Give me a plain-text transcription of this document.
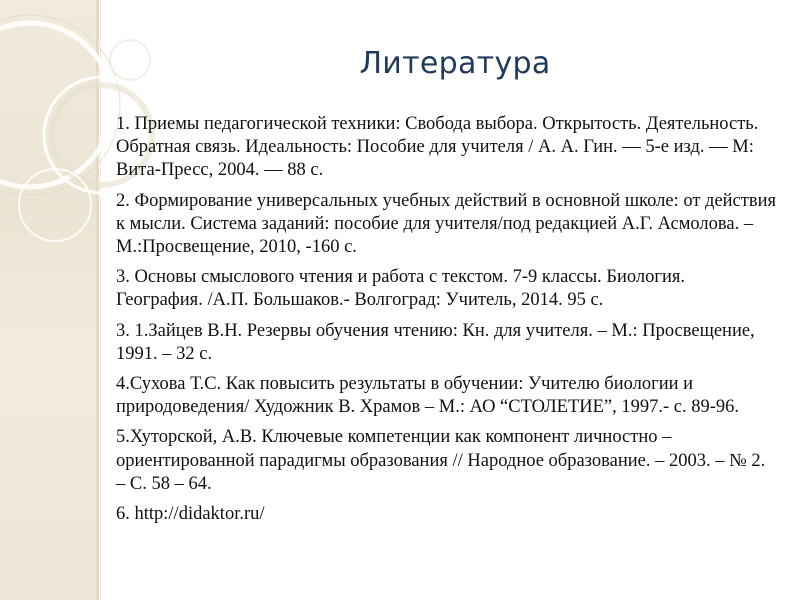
Литература

1. Приемы педагогической техники: Свобода выбора. Открытость. Деятельность. Обратная связь. Идеальность: Пособие для учителя / А. А. Гин. — 5-е изд. — М: Вита-Пресс, 2004. — 88 с.

2. Формирование универсальных учебных действий в основной школе: от действия к мысли. Система заданий: пособие для учителя/под редакцией А.Г. Асмолова. – М.:Просвещение, 2010, -160 с.

3. Основы смыслового чтения и работа с текстом. 7-9 классы. Биология. География. /А.П. Большаков.- Волгоград: Учитель, 2014. 95 с.

3. 1.Зайцев В.Н. Резервы обучения чтению: Кн. для учителя. – М.: Просвещение, 1991. – 32 с.

4.Сухова Т.С. Как повысить результаты в обучении: Учителю биологии и природоведения/ Художник В. Храмов – М.: АО “СТОЛЕТИЕ”, 1997.- с. 89-96.

5.Хуторской, А.В. Ключевые компетенции как компонент личностно – ориентированной парадигмы образования // Народное образование. – 2003. – № 2. – С. 58 – 64.

6. http://didaktor.ru/
